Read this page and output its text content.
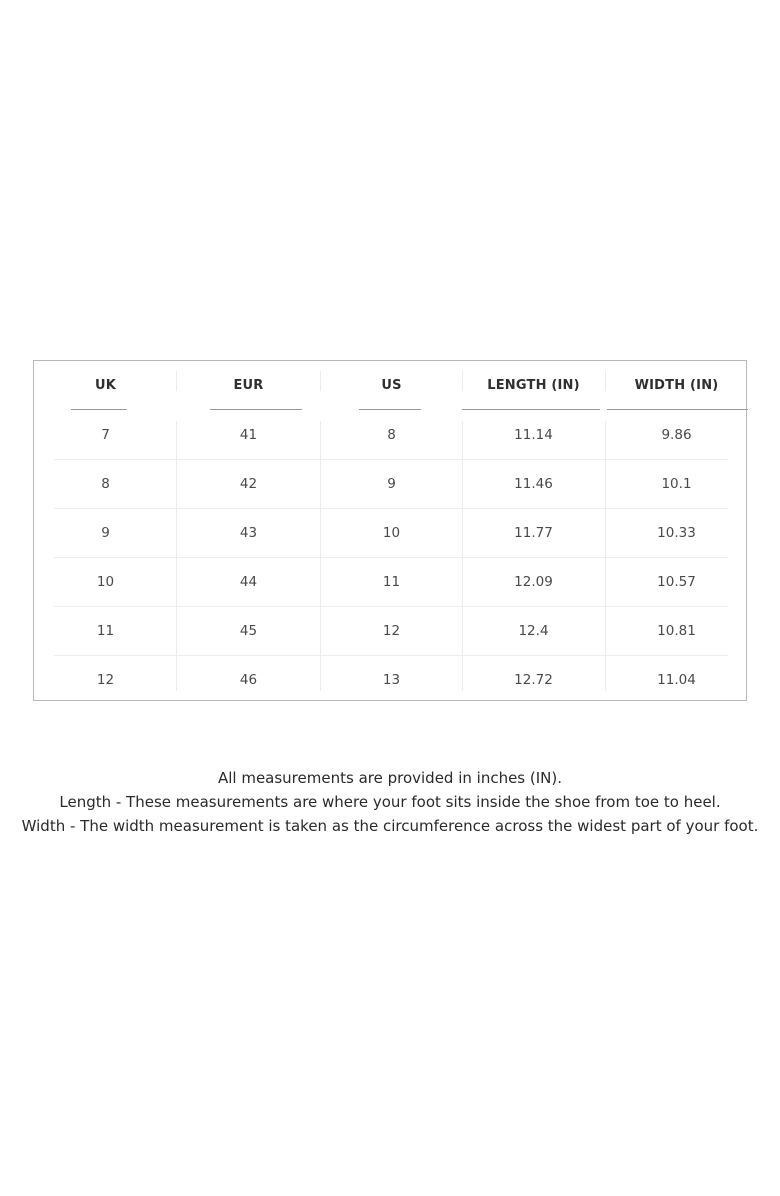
UK	EUR	US	LENGTH (IN)	WIDTH (IN)
7	41	8	11.14	9.86
8	42	9	11.46	10.1
9	43	10	11.77	10.33
10	44	11	12.09	10.57
11	45	12	12.4	10.81
12	46	13	12.72	11.04
All measurements are provided in inches (IN).
Length - These measurements are where your foot sits inside the shoe from toe to heel.
Width - The width measurement is taken as the circumference across the widest part of your foot.
